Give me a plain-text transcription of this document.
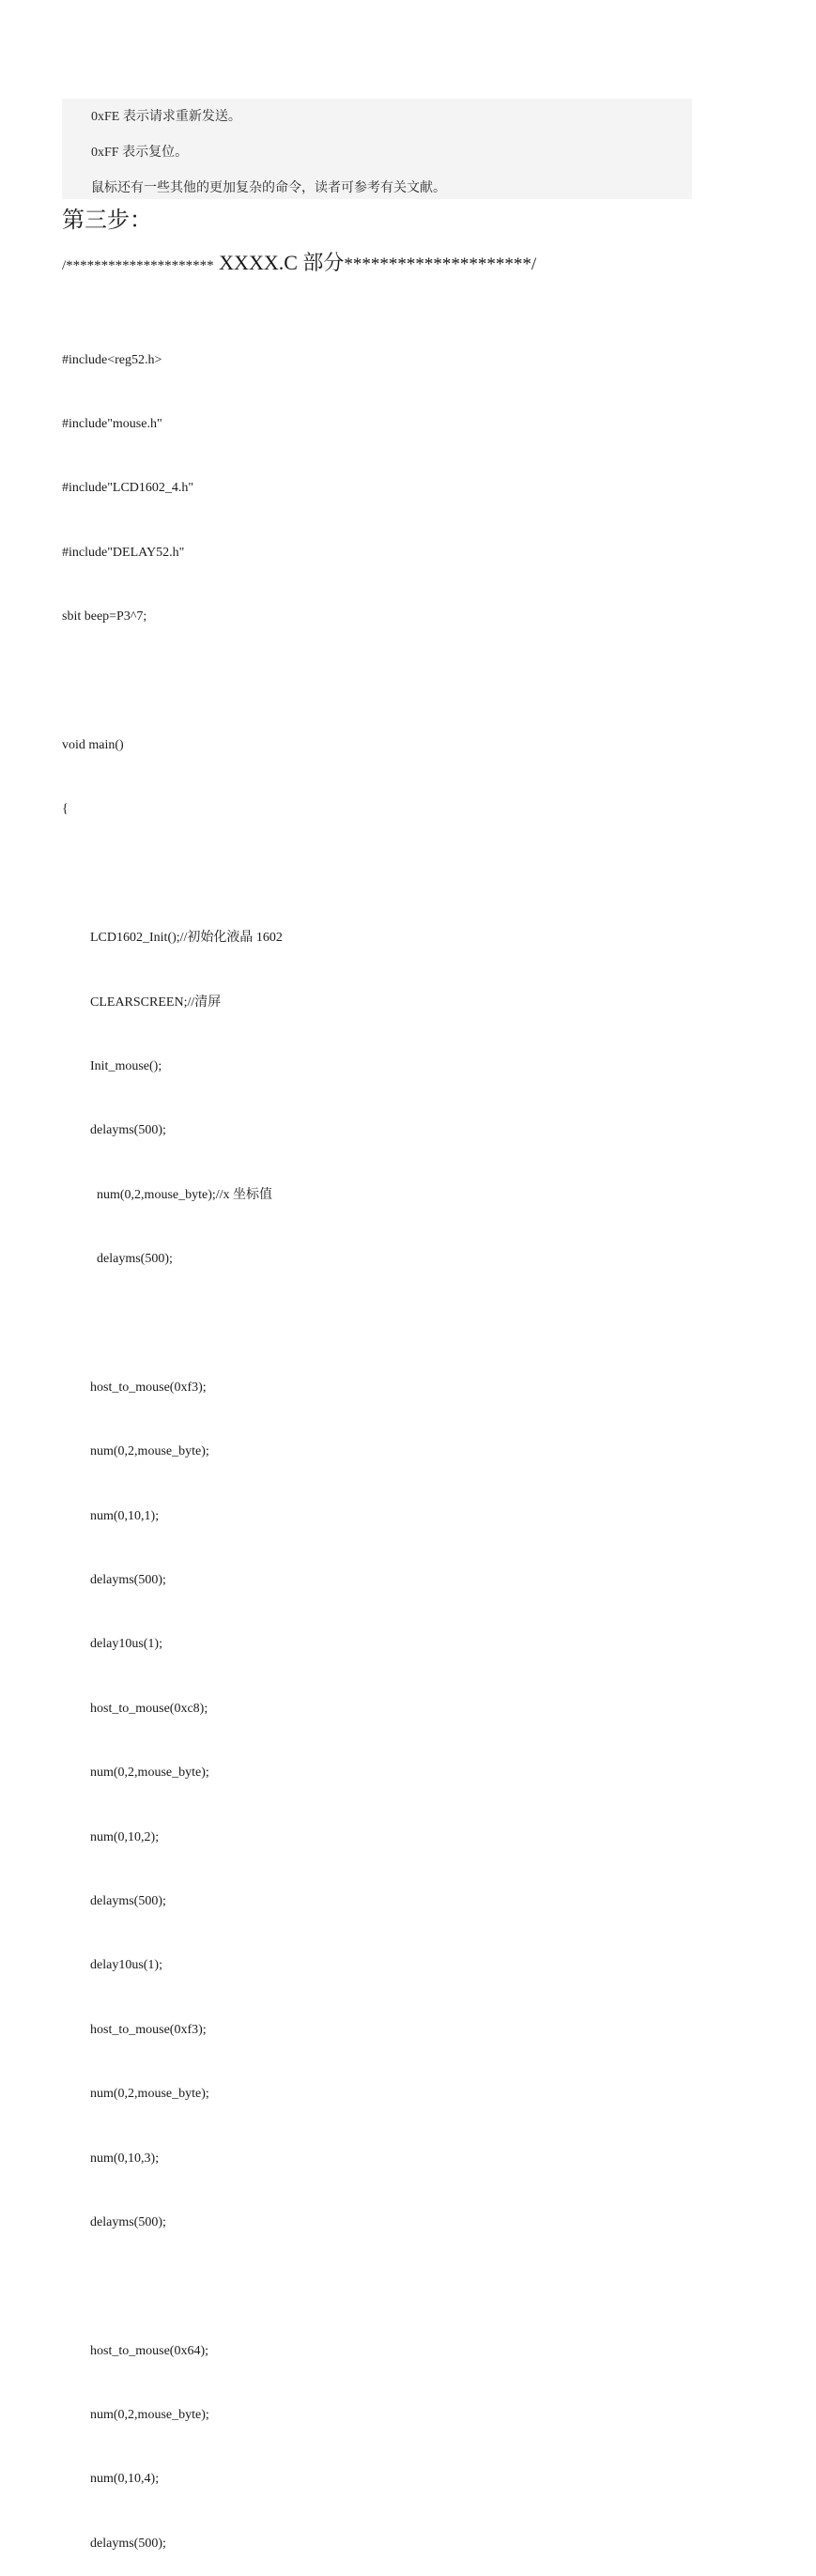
0xFE 表示请求重新发送。
0xFF 表示复位。
鼠标还有一些其他的更加复杂的命令，读者可参考有关文献。
第三步：
/********************* XXXX.C 部分*********************/

#include<reg52.h>

#include"mouse.h"

#include"LCD1602_4.h"

#include"DELAY52.h"

sbit beep=P3^7;

void main()

{

LCD1602_Init();//初始化液晶 1602

CLEARSCREEN;//清屏

Init_mouse();

delayms(500);

num(0,2,mouse_byte);//x 坐标值

delayms(500);

host_to_mouse(0xf3);

num(0,2,mouse_byte);

num(0,10,1);

delayms(500);

delay10us(1);

host_to_mouse(0xc8);

num(0,2,mouse_byte);

num(0,10,2);

delayms(500);

delay10us(1);

host_to_mouse(0xf3);

num(0,2,mouse_byte);

num(0,10,3);

delayms(500);

host_to_mouse(0x64);

num(0,2,mouse_byte);

num(0,10,4);

delayms(500);
